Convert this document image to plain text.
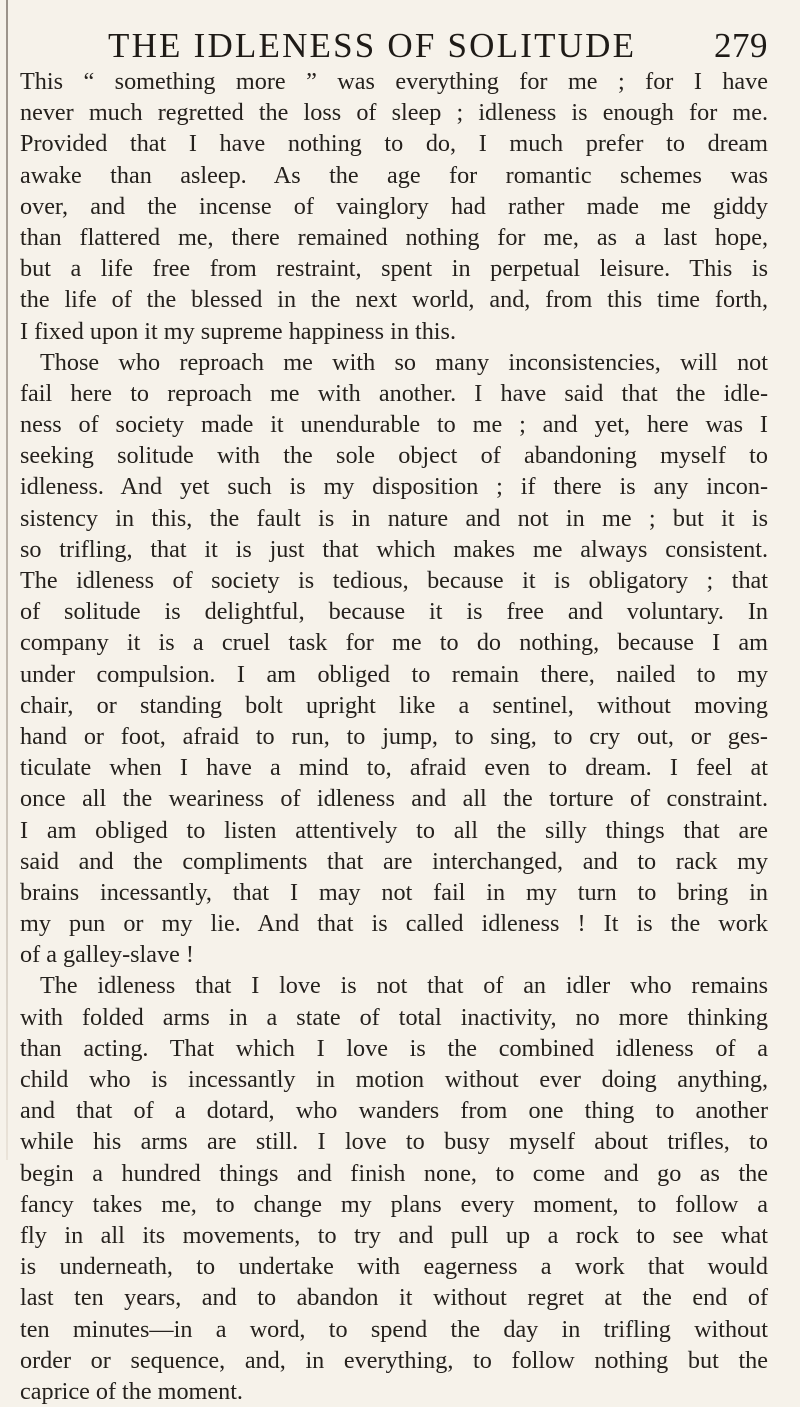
THE IDLENESS OF SOLITUDE 279
This “ something more ” was everything for me ; for I have
never much regretted the loss of sleep ; idleness is enough for me.
Provided that I have nothing to do, I much prefer to dream
awake than asleep. As the age for romantic schemes was
over, and the incense of vainglory had rather made me giddy
than flattered me, there remained nothing for me, as a last hope,
but a life free from restraint, spent in perpetual leisure. This is
the life of the blessed in the next world, and, from this time forth,
I fixed upon it my supreme happiness in this.
Those who reproach me with so many inconsistencies, will not
fail here to reproach me with another. I have said that the idle-
ness of society made it unendurable to me ; and yet, here was I
seeking solitude with the sole object of abandoning myself to
idleness. And yet such is my disposition ; if there is any incon-
sistency in this, the fault is in nature and not in me ; but it is
so trifling, that it is just that which makes me always consistent.
The idleness of society is tedious, because it is obligatory ; that
of solitude is delightful, because it is free and voluntary. In
company it is a cruel task for me to do nothing, because I am
under compulsion. I am obliged to remain there, nailed to my
chair, or standing bolt upright like a sentinel, without moving
hand or foot, afraid to run, to jump, to sing, to cry out, or ges-
ticulate when I have a mind to, afraid even to dream. I feel at
once all the weariness of idleness and all the torture of constraint.
I am obliged to listen attentively to all the silly things that are
said and the compliments that are interchanged, and to rack my
brains incessantly, that I may not fail in my turn to bring in
my pun or my lie. And that is called idleness ! It is the work
of a galley-slave !
The idleness that I love is not that of an idler who remains
with folded arms in a state of total inactivity, no more thinking
than acting. That which I love is the combined idleness of a
child who is incessantly in motion without ever doing anything,
and that of a dotard, who wanders from one thing to another
while his arms are still. I love to busy myself about trifles, to
begin a hundred things and finish none, to come and go as the
fancy takes me, to change my plans every moment, to follow a
fly in all its movements, to try and pull up a rock to see what
is underneath, to undertake with eagerness a work that would
last ten years, and to abandon it without regret at the end of
ten minutes—in a word, to spend the day in trifling without
order or sequence, and, in everything, to follow nothing but the
caprice of the moment.
